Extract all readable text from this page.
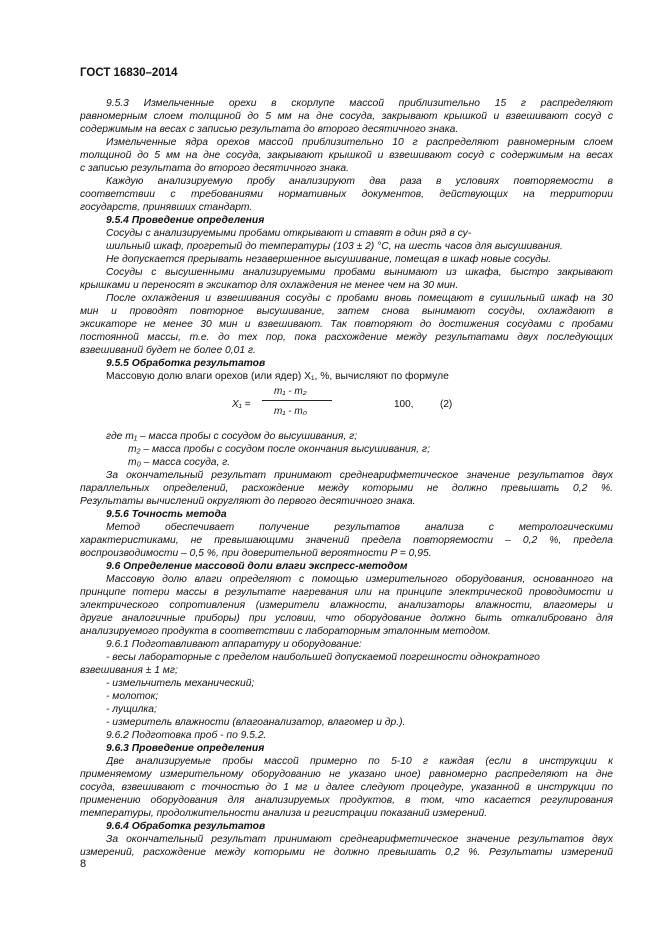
ГОСТ 16830–2014
9.5.3 Измельченные орехи в скорлупе массой приблизительно 15 г распределяют
равномерным слоем толщиной до 5 мм на дне сосуда, закрывают крышкой и взвешивают сосуд с
содержимым на весах с записью результата до второго десятичного знака.
Измельченные ядра орехов массой приблизительно 10 г распределяют равномерным слоем
толщиной до 5 мм на дне сосуда, закрывают крышкой и взвешивают сосуд с содержимым на весах
с записью результата до второго десятичного знака.
Каждую анализируемую пробу анализируют два раза в условиях повторяемости в
соответствии с требованиями нормативных документов, действующих на территории
государств, принявших стандарт.
9.5.4 Проведение определения
Сосуды с анализируемыми пробами открывают и ставят в один ряд в су-
шильный шкаф, прогретый до температуры (103 ± 2) °С, на шесть часов для высушивания.
Не допускается прерывать незавершенное высушивание, помещая в шкаф новые сосуды.
Сосуды с высушенными анализируемыми пробами вынимают из шкафа, быстро закрывают
крышками и переносят в эксикатор для охлаждения не менее чем на 30 мин.
После охлаждения и взвешивания сосуды с пробами вновь помещают в сушильный шкаф на 30
мин и проводят повторное высушивание, затем снова вынимают сосуды, охлаждают в
эксикаторе не менее 30 мин и взвешивают. Так повторяют до достижения сосудами с пробами
постоянной массы, т.е. до тех пор, пока расхождение между результатами двух последующих
взвешиваний будет не более 0,01 г.
9.5.5 Обработка результатов
Массовую долю влаги орехов (или ядер) X₁, %, вычисляют по формуле
X₁ =
m₁ - m₂
m₁ - m₀
100,	(2)
где m₁ – масса пробы с сосудом до высушивания, г;
m₂ – масса пробы с сосудом после окончания высушивания, г;
m₀ – масса сосуда, г.
За окончательный результат принимают среднеарифметическое значение результатов двух
параллельных определений, расхождение между которыми не должно превышать 0,2 %.
Результаты вычислений округляют до первого десятичного знака.
9.5.6 Точность метода
Метод обеспечивает получение результатов анализа с метрологическими
характеристиками, не превышающими значений предела повторяемости – 0,2 %, предела
воспроизводимости – 0,5 %, при доверительной вероятности P = 0,95.
9.6 Определение массовой доли влаги экспресс-методом
Массовую долю влаги определяют с помощью измерительного оборудования, основанного на
принципе потери массы в результате нагревания или на принципе электрической проводимости и
электрического сопротивления (измерители влажности, анализаторы влажности, влагомеры и
другие аналогичные приборы) при условии, что оборудование должно быть откалибровано для
анализируемого продукта в соответствии с лабораторным эталонным методом.
9.6.1 Подготавливают аппаратуру и оборудование:
- весы лабораторные с пределом наибольшей допускаемой погрешности однократного
взвешивания ± 1 мг;
- измельчитель механический;
- молоток;
- лущилка;
- измеритель влажности (влагоанализатор, влагомер и др.).
9.6.2 Подготовка проб - по 9.5.2.
9.6.3 Проведение определения
Две анализируемые пробы массой примерно по 5-10 г каждая (если в инструкции к
применяемому измерительному оборудованию не указано иное) равномерно распределяют на дне
сосуда, взвешивают с точностью до 1 мг и далее следуют процедуре, указанной в инструкции по
применению оборудования для анализируемых продуктов, в том, что касается регулирования
температуры, продолжительности анализа и регистрации показаний измерений.
9.6.4 Обработка результатов
За окончательный результат принимают среднеарифметическое значение результатов двух
измерений, расхождение между которыми не должно превышать 0,2 %. Результаты измерений
8
